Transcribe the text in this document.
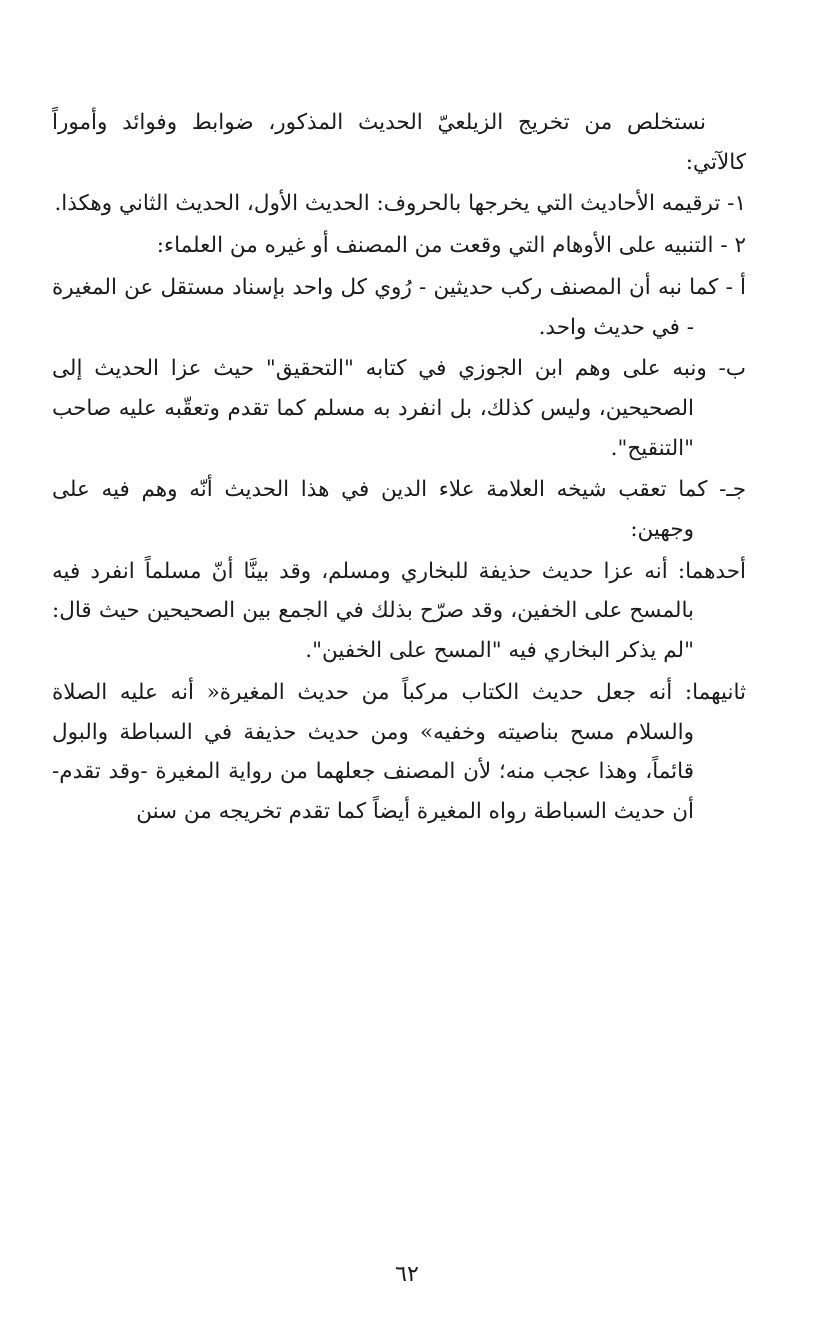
نستخلص من تخريج الزيلعيّ الحديث المذكور، ضوابط وفوائد وأموراً كالآتي:

١- ترقيمه الأحاديث التي يخرجها بالحروف: الحديث الأول، الحديث الثاني وهكذا.

٢ - التنبيه على الأوهام التي وقعت من المصنف أو غيره من العلماء:

أ - كما نبه أن المصنف ركب حديثين - رُوي كل واحد بإسناد مستقل عن المغيرة - في حديث واحد.

ب- ونبه على وهم ابن الجوزي في كتابه "التحقيق" حيث عزا الحديث إلى الصحيحين، وليس كذلك، بل انفرد به مسلم كما تقدم وتعقّبه عليه صاحب "التنقيح".

جـ- كما تعقب شيخه العلامة علاء الدين في هذا الحديث أنّه وهم فيه على وجهين:

أحدهما: أنه عزا حديث حذيفة للبخاري ومسلم، وقد بينَّا أنّ مسلماً انفرد فيه بالمسح على الخفين، وقد صرّح بذلك في الجمع بين الصحيحين حيث قال: "لم يذكر البخاري فيه "المسح على الخفين".

ثانيهما: أنه جعل حديث الكتاب مركباً من حديث المغيرة« أنه عليه الصلاة والسلام مسح بناصيته وخفيه» ومن حديث حذيفة في السباطة والبول قائماً، وهذا عجب منه؛ لأن المصنف جعلهما من رواية المغيرة -وقد تقدم- أن حديث السباطة رواه المغيرة أيضاً كما تقدم تخريجه من سنن

٦٢
